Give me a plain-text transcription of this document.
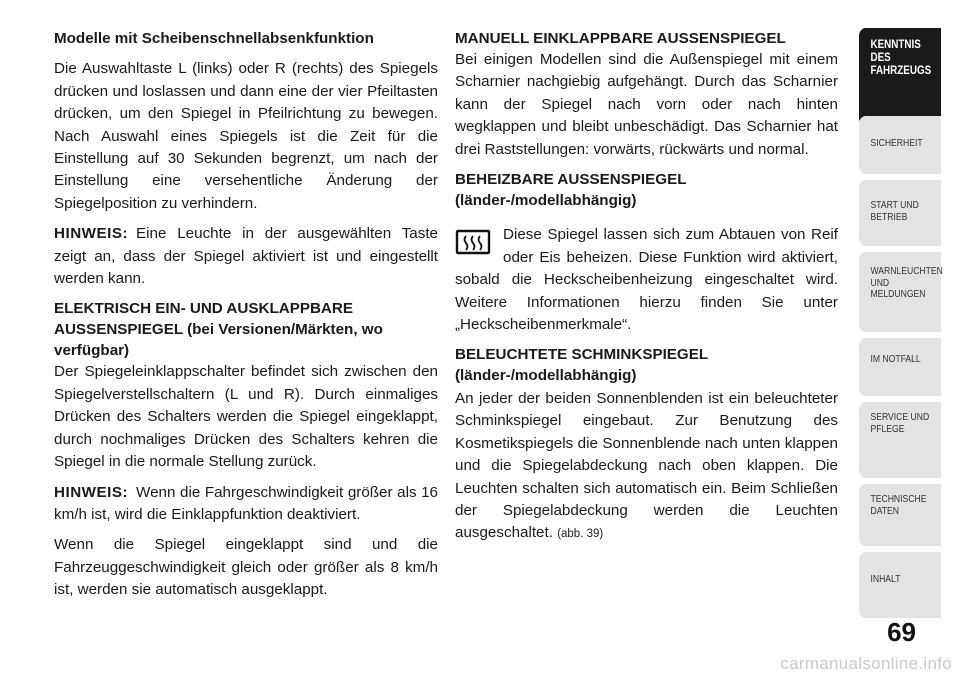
Modelle mit Scheibenschnellabsenkfunktion

Die Auswahltaste L (links) oder R (rechts) des Spiegels drücken und loslassen und dann eine der vier Pfeiltasten drücken, um den Spiegel in Pfeilrichtung zu bewegen. Nach Auswahl eines Spiegels ist die Zeit für die Einstellung auf 30 Sekunden begrenzt, um nach der Einstellung eine versehentliche Änderung der Spiegelposition zu verhindern.

HINWEIS: Eine Leuchte in der ausgewählten Taste zeigt an, dass der Spiegel aktiviert ist und eingestellt werden kann.

ELEKTRISCH EIN- UND AUSKLAPPBARE AUSSENSPIEGEL (bei Versionen/Märkten, wo verfügbar)

Der Spiegeleinklappschalter befindet sich zwischen den Spiegelverstellschaltern (L und R). Durch einmaliges Drücken des Schalters werden die Spiegel eingeklappt, durch nochmaliges Drücken des Schalters kehren die Spiegel in die normale Stellung zurück.

HINWEIS: Wenn die Fahrgeschwindigkeit größer als 16 km/h ist, wird die Einklappfunktion deaktiviert.

Wenn die Spiegel eingeklappt sind und die Fahrzeuggeschwindigkeit gleich oder größer als 8 km/h ist, werden sie automatisch ausgeklappt.

MANUELL EINKLAPPBARE AUSSENSPIEGEL

Bei einigen Modellen sind die Außenspiegel mit einem Scharnier nachgiebig aufgehängt. Durch das Scharnier kann der Spiegel nach vorn oder nach hinten wegklappen und bleibt unbeschädigt. Das Scharnier hat drei Raststellungen: vorwärts, rückwärts und normal.

BEHEIZBARE AUSSENSPIEGEL
(länder-/modellabhängig)

Diese Spiegel lassen sich zum Abtauen von Reif oder Eis beheizen. Diese Funktion wird aktiviert, sobald die Heckscheibenheizung eingeschaltet wird. Weitere Informationen hierzu finden Sie unter „Heckscheibenmerkmale“.

BELEUCHTETE SCHMINKSPIEGEL
(länder-/modellabhängig)

An jeder der beiden Sonnenblenden ist ein beleuchteter Schminkspiegel eingebaut. Zur Benutzung des Kosmetikspiegels die Sonnenblende nach unten klappen und die Spiegelabdeckung nach oben klappen. Die Leuchten schalten sich automatisch ein. Beim Schließen der Spiegelabdeckung werden die Leuchten ausgeschaltet. (abb. 39)

KENNTNIS DES FAHRZEUGS
SICHERHEIT
START UND BETRIEB
WARNLEUCHTEN UND MELDUNGEN
IM NOTFALL
SERVICE UND PFLEGE
TECHNISCHE DATEN
INHALT
69
carmanualsonline.info
